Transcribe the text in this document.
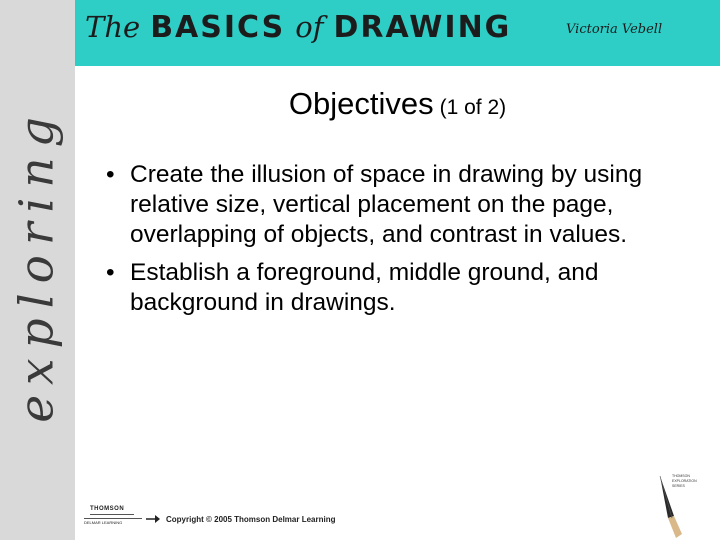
exploring
The BASICS of DRAWING	Victoria Vebell
Objectives (1 of 2)
• Create the illusion of space in drawing by using relative size, vertical placement on the page, overlapping of objects, and contrast in values.
• Establish a foreground, middle ground, and background in drawings.
THOMSON
DELMAR LEARNING	Copyright © 2005 Thomson Delmar Learning
THOMSON EXPLORATION SERIES
